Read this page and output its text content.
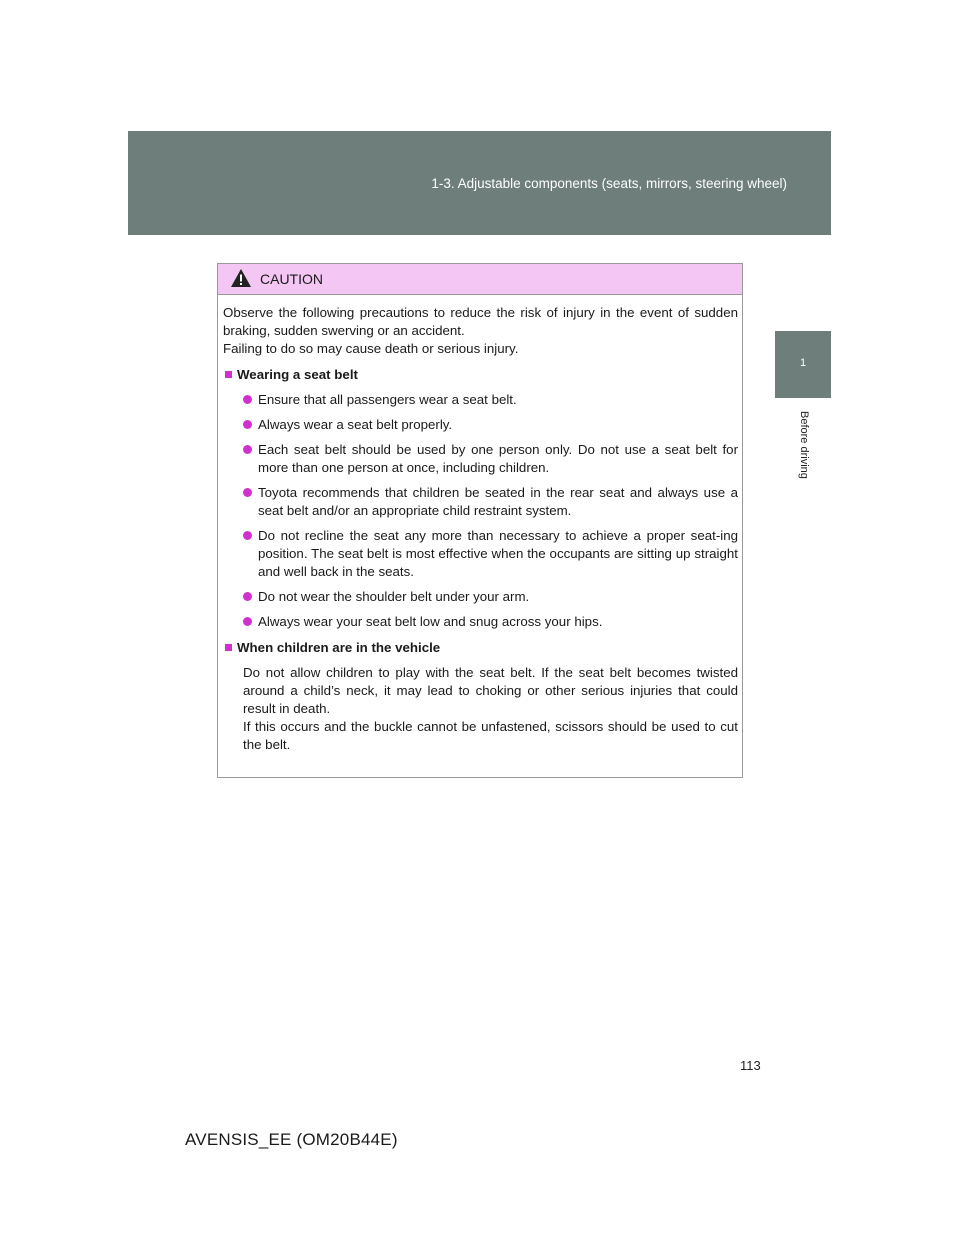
1-3. Adjustable components (seats, mirrors, steering wheel)
1
Before driving
CAUTION

Observe the following precautions to reduce the risk of injury in the event of sudden braking, sudden swerving or an accident.

Failing to do so may cause death or serious injury.

Wearing a seat belt
Ensure that all passengers wear a seat belt.
Always wear a seat belt properly.
Each seat belt should be used by one person only. Do not use a seat belt for more than one person at once, including children.
Toyota recommends that children be seated in the rear seat and always use a seat belt and/or an appropriate child restraint system.
Do not recline the seat any more than necessary to achieve a proper seat-ing position. The seat belt is most effective when the occupants are sitting up straight and well back in the seats.
Do not wear the shoulder belt under your arm.
Always wear your seat belt low and snug across your hips.
When children are in the vehicle

Do not allow children to play with the seat belt. If the seat belt becomes twisted around a child’s neck, it may lead to choking or other serious injuries that could result in death.

If this occurs and the buckle cannot be unfastened, scissors should be used to cut the belt.

113
AVENSIS_EE (OM20B44E)
